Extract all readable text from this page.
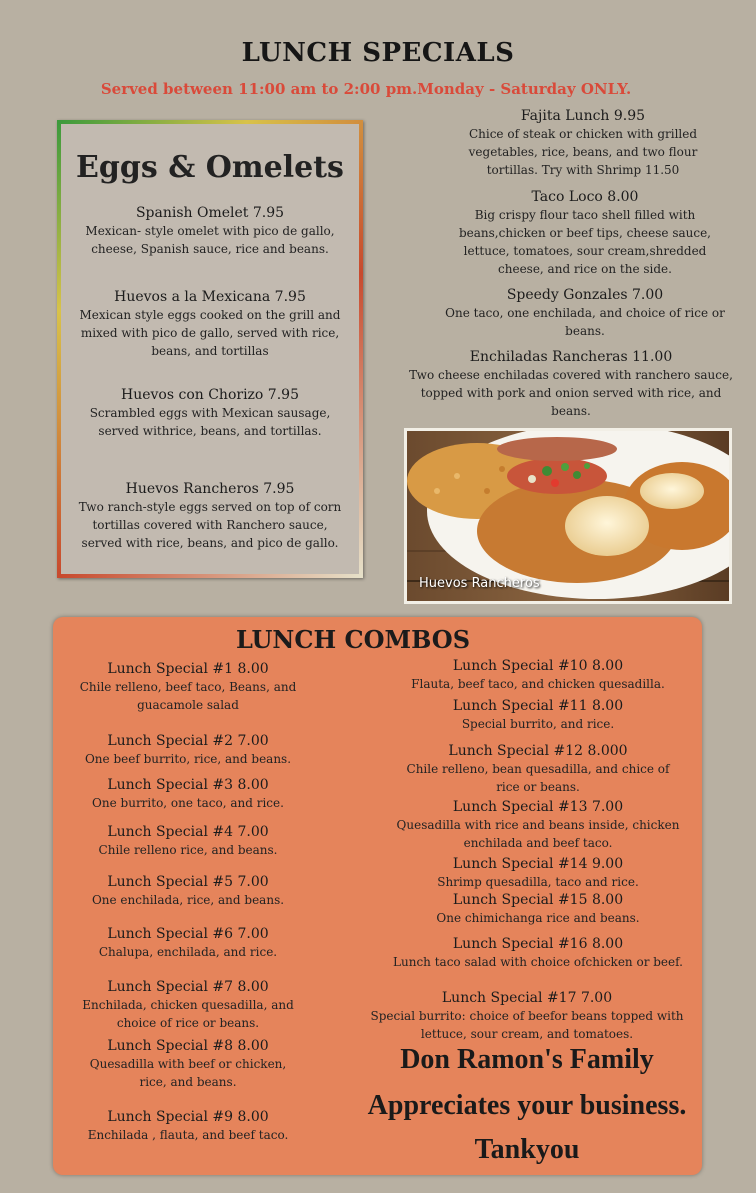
LUNCH SPECIALS
Served between 11:00 am to 2:00 pm.Monday - Saturday ONLY.
Eggs & Omelets
Spanish Omelet 7.95
Mexican- style omelet with pico de gallo, cheese, Spanish sauce, rice and beans.
Huevos a la Mexicana 7.95
Mexican style eggs cooked on the grill and mixed with pico de gallo, served with rice, beans, and tortillas
Huevos con Chorizo 7.95
Scrambled eggs with Mexican sausage, served withrice, beans, and tortillas.
Huevos Rancheros 7.95
Two ranch-style eggs served on top of corn tortillas covered with Ranchero sauce, served with rice, beans, and pico de gallo.
Fajita Lunch 9.95
Chice of steak or chicken with grilled vegetables, rice, beans, and two flour tortillas. Try with Shrimp 11.50
Taco Loco 8.00
Big crispy flour taco shell filled with beans,chicken or beef tips, cheese sauce, lettuce, tomatoes, sour cream,shredded cheese, and rice on the side.
Speedy Gonzales 7.00
One taco, one enchilada, and choice of rice or beans.
Enchiladas Rancheras 11.00
Two cheese enchiladas covered with ranchero sauce, topped with pork and onion served with rice, and beans.
Huevos Rancheros
LUNCH COMBOS
Lunch Special #1 8.00
Chile relleno, beef taco, Beans, and guacamole salad
Lunch Special #2 7.00
One beef burrito, rice, and beans.
Lunch Special #3 8.00
One burrito, one taco, and rice.
Lunch Special #4 7.00
Chile relleno rice, and beans.
Lunch Special #5 7.00
One enchilada, rice, and beans.
Lunch Special #6 7.00
Chalupa, enchilada, and rice.
Lunch Special #7 8.00
Enchilada, chicken quesadilla, and choice of rice or beans.
Lunch Special #8 8.00
Quesadilla with beef or chicken, rice, and beans.
Lunch Special #9 8.00
Enchilada , flauta, and beef taco.
Lunch Special #10 8.00
Flauta, beef taco, and chicken quesadilla.
Lunch Special #11 8.00
Special burrito, and rice.
Lunch Special #12 8.000
Chile relleno, bean quesadilla, and chice of rice or beans.
Lunch Special #13 7.00
Quesadilla with rice and beans inside, chicken enchilada and beef taco.
Lunch Special #14 9.00
Shrimp quesadilla, taco and rice.
Lunch Special #15 8.00
One chimichanga rice and beans.
Lunch Special #16 8.00
Lunch taco salad with choice ofchicken or beef.
Lunch Special #17 7.00
Special burrito: choice of beefor beans topped with lettuce, sour cream, and tomatoes.
Don Ramon's Family
Appreciates your business.
Tankyou
